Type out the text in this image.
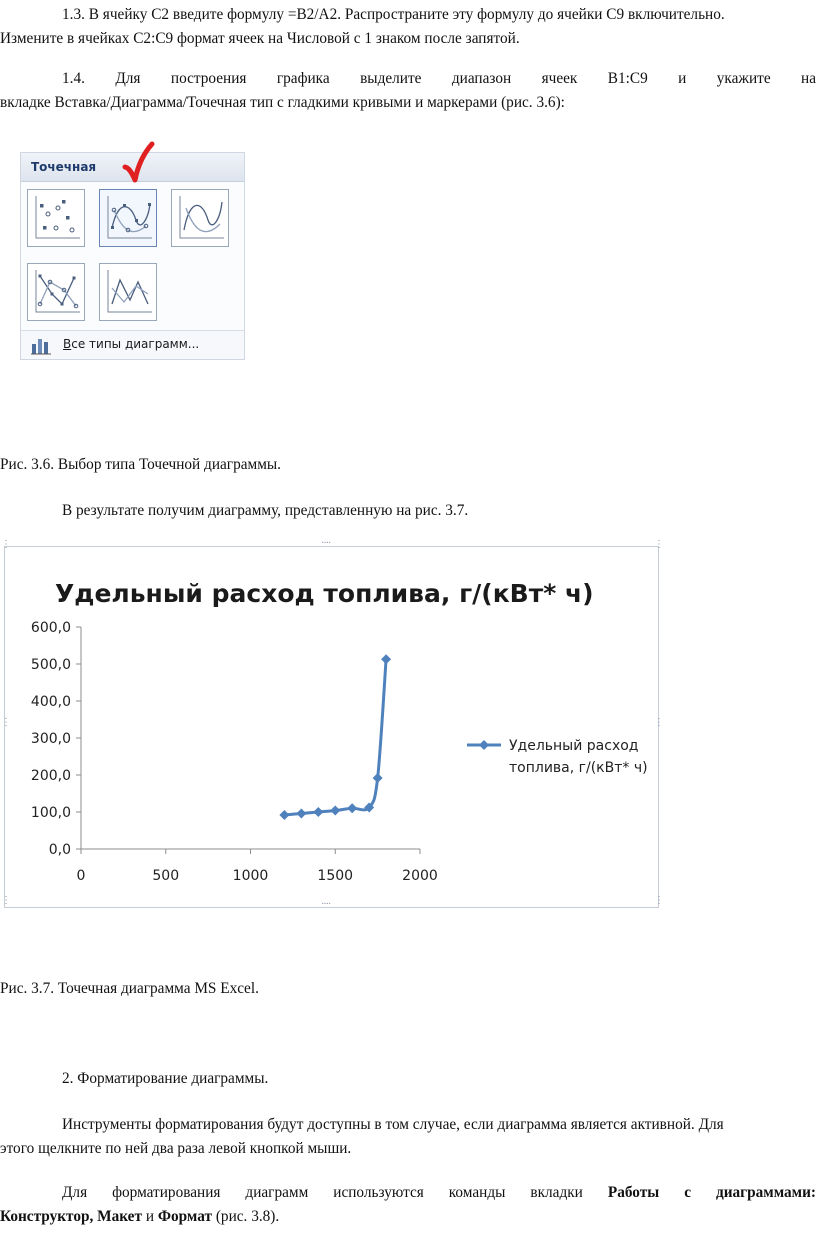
1.3. В ячейку С2 введите формулу =B2/A2. Распространите эту формулу до ячейки С9 включительно.
Измените в ячейках С2:С9 формат ячеек на Числовой с 1 знаком после запятой.
1.4. Для построения графика выделите диапазон ячеек B1:C9 и укажите на
вкладке Вставка/Диаграмма/Точечная тип с гладкими кривыми и маркерами (рис. 3.6):
Точечная
Все типы диаграмм...
Рис. 3.6. Выбор типа Точечной диаграммы.
В результате получим диаграмму, представленную на рис. 3.7.
····
····
⋮	⋮
⋮	⋮
⋮	⋮
Удельный расход топлива, г/(кВт* ч)
0,0
100,0
200,0
300,0
400,0
500,0
600,0
0	500	1000	1500	2000
Удельный расход
топлива, г/(кВт* ч)
Рис. 3.7. Точечная диаграмма MS Excel.
2. Форматирование диаграммы.
Инструменты форматирования будут доступны в том случае, если диаграмма является активной. Для
этого щелкните по ней два раза левой кнопкой мыши.
Для форматирования диаграмм используются команды вкладки Работы с диаграммами:
Конструктор, Макет и Формат (рис. 3.8).
